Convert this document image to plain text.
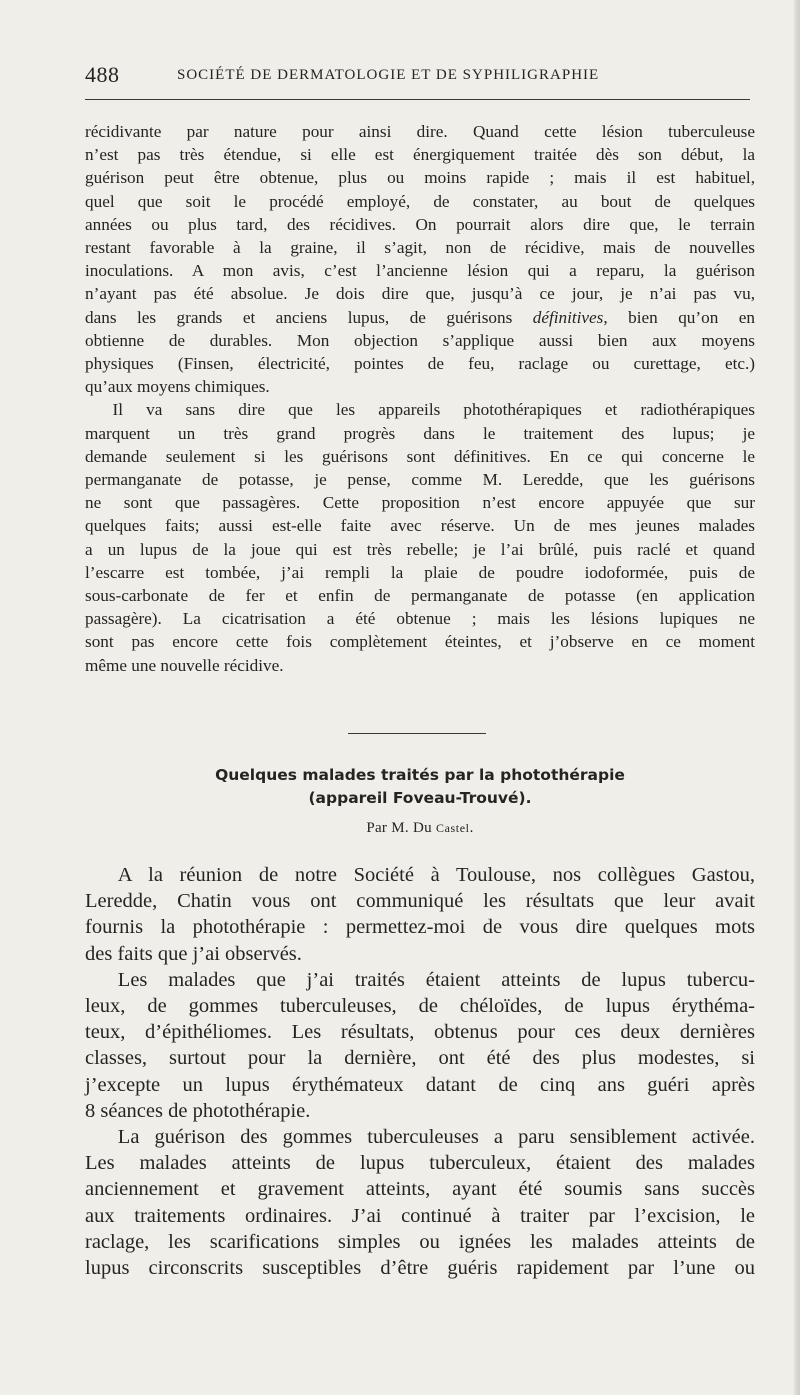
488	SOCIÉTÉ DE DERMATOLOGIE ET DE SYPHILIGRAPHIE

récidivante par nature pour ainsi dire. Quand cette lésion tuberculeuse

n’est pas très étendue, si elle est énergiquement traitée dès son début, la

guérison peut être obtenue, plus ou moins rapide ; mais il est habituel,

quel que soit le procédé employé, de constater, au bout de quelques

années ou plus tard, des récidives. On pourrait alors dire que, le terrain

restant favorable à la graine, il s’agit, non de récidive, mais de nouvelles

inoculations. A mon avis, c’est l’ancienne lésion qui a reparu, la guérison

n’ayant pas été absolue. Je dois dire que, jusqu’à ce jour, je n’ai pas vu,

dans les grands et anciens lupus, de guérisons définitives, bien qu’on en

obtienne de durables. Mon objection s’applique aussi bien aux moyens

physiques (Finsen, électricité, pointes de feu, raclage ou curettage, etc.)

qu’aux moyens chimiques.

Il va sans dire que les appareils photothérapiques et radiothérapiques

marquent un très grand progrès dans le traitement des lupus; je

demande seulement si les guérisons sont définitives. En ce qui concerne le

permanganate de potasse, je pense, comme M. Leredde, que les guérisons

ne sont que passagères. Cette proposition n’est encore appuyée que sur

quelques faits; aussi est-elle faite avec réserve. Un de mes jeunes malades

a un lupus de la joue qui est très rebelle; je l’ai brûlé, puis raclé et quand

l’escarre est tombée, j’ai rempli la plaie de poudre iodoformée, puis de

sous-carbonate de fer et enfin de permanganate de potasse (en application

passagère). La cicatrisation a été obtenue ; mais les lésions lupiques ne

sont pas encore cette fois complètement éteintes, et j’observe en ce moment

même une nouvelle récidive.

Quelques malades traités par la photothérapie
(appareil Foveau-Trouvé).
Par M. Du Castel.

A la réunion de notre Société à Toulouse, nos collègues Gastou,

Leredde, Chatin vous ont communiqué les résultats que leur avait

fournis la photothérapie : permettez-moi de vous dire quelques mots

des faits que j’ai observés.

Les malades que j’ai traités étaient atteints de lupus tubercu-

leux, de gommes tuberculeuses, de chéloïdes, de lupus érythéma-

teux, d’épithéliomes. Les résultats, obtenus pour ces deux dernières

classes, surtout pour la dernière, ont été des plus modestes, si

j’excepte un lupus érythémateux datant de cinq ans guéri après

8 séances de photothérapie.

La guérison des gommes tuberculeuses a paru sensiblement activée.

Les malades atteints de lupus tuberculeux, étaient des malades

anciennement et gravement atteints, ayant été soumis sans succès

aux traitements ordinaires. J’ai continué à traiter par l’excision, le

raclage, les scarifications simples ou ignées les malades atteints de

lupus circonscrits susceptibles d’être guéris rapidement par l’une ou
